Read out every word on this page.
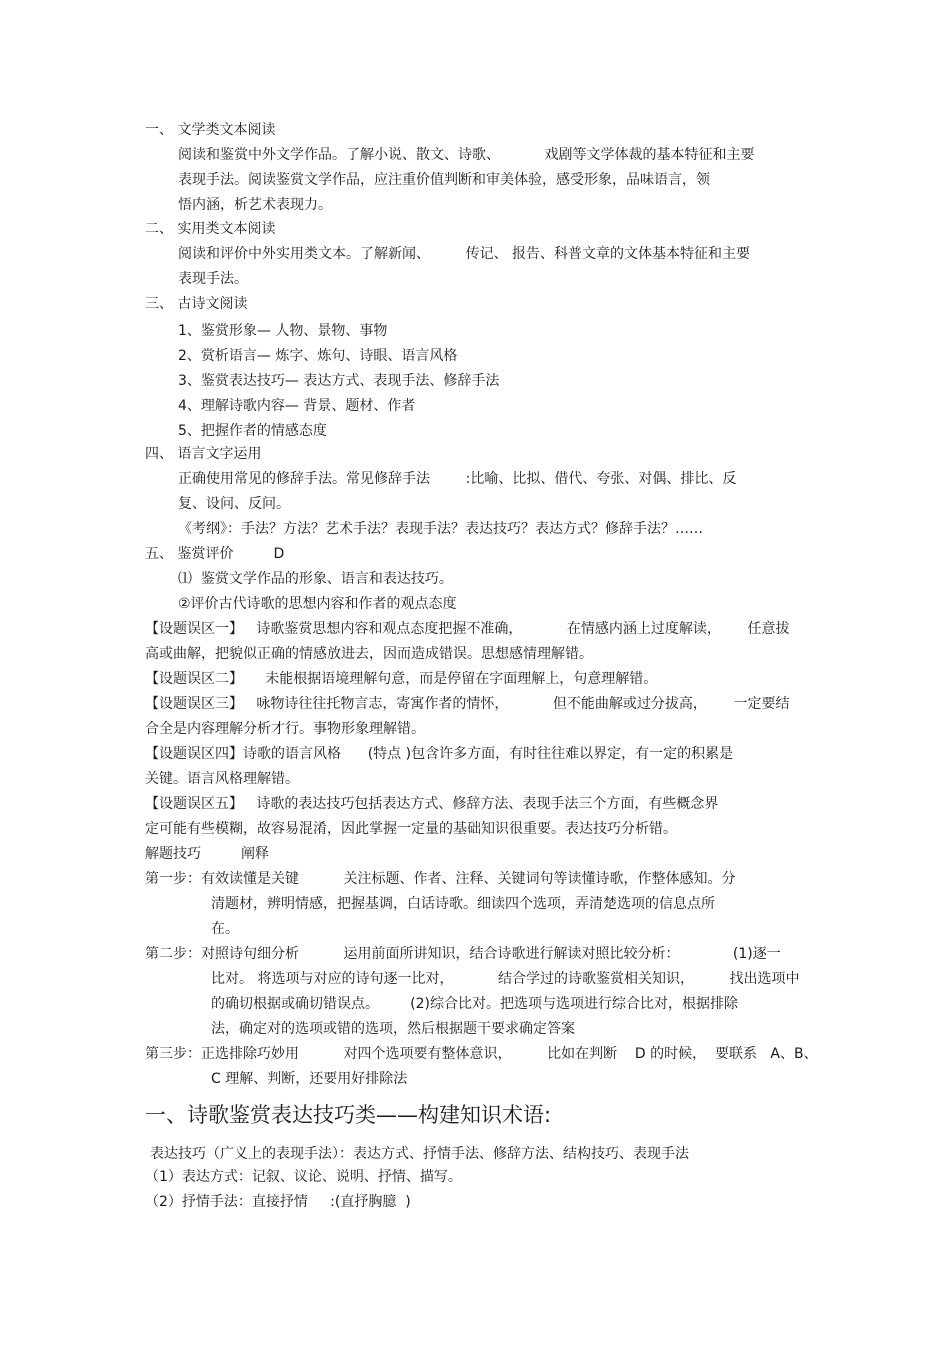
一、 文学类文本阅读
阅读和鉴赏中外文学作品。了解小说、散文、诗歌、          戏剧等文学体裁的基本特征和主要
表现手法。阅读鉴赏文学作品，应注重价值判断和审美体验，感受形象，品味语言，领
悟内涵，析艺术表现力。
二、 实用类文本阅读
阅读和评价中外实用类文本。了解新闻、        传记、 报告、科普文章的文体基本特征和主要
表现手法。
三、 古诗文阅读
1、鉴赏形象— 人物、景物、事物
2、赏析语言— 炼字、炼句、诗眼、语言风格
3、鉴赏表达技巧— 表达方式、表现手法、修辞手法
4、理解诗歌内容— 背景、题材、作者
5、把握作者的情感态度
四、 语言文字运用
正确使用常见的修辞手法。常见修辞手法        :比喻、比拟、借代、夸张、对偶、排比、反
复、设问、反问。
《考纲》：手法？方法？艺术手法？表现手法？表达技巧？表达方式？修辞手法？……
五、 鉴赏评价         D
⑴  鉴赏文学作品的形象、语言和表达技巧。
②评价古代诗歌的思想内容和作者的观点态度
【设题误区一】   诗歌鉴赏思想内容和观点态度把握不准确，          在情感内涵上过度解读，      任意拔
高或曲解，把貌似正确的情感放进去，因而造成错误。思想感情理解错。
【设题误区二】     未能根据语境理解句意，而是停留在字面理解上，句意理解错。
【设题误区三】   咏物诗往往托物言志，寄寓作者的情怀，          但不能曲解或过分拔高，      一定要结
合全是内容理解分析才行。事物形象理解错。
【设题误区四】诗歌的语言风格      (特点 )包含许多方面，有时往往难以界定，有一定的积累是
关键。语言风格理解错。
【设题误区五】   诗歌的表达技巧包括表达方式、修辞方法、表现手法三个方面，有些概念界
定可能有些模糊，故容易混淆，因此掌握一定量的基础知识很重要。表达技巧分析错。
解题技巧         阐释
第一步：有效读懂是关键          关注标题、作者、注释、关键词句等读懂诗歌，作整体感知。分
清题材，辨明情感，把握基调，白话诗歌。细读四个选项，弄清楚选项的信息点所
在。
第二步：对照诗句细分析          运用前面所讲知识，结合诗歌进行解读对照比较分析：            (1)逐一
比对。 将选项与对应的诗句逐一比对，          结合学过的诗歌鉴赏相关知识，        找出选项中
的确切根据或确切错误点。       (2)综合比对。把选项与选项进行综合比对，根据排除
法，确定对的选项或错的选项，然后根据题干要求确定答案
第三步：正选排除巧妙用          对四个选项要有整体意识，        比如在判断    D 的时候，  要联系   A、B、
C 理解、判断，还要用好排除法
一、诗歌鉴赏表达技巧类——构建知识术语:
表达技巧（广义上的表现手法）：表达方式、抒情手法、修辞方法、结构技巧、表现手法
（1）表达方式：记叙、议论、说明、抒情、描写。
（2）抒情手法：直接抒情     :(直抒胸臆  )
